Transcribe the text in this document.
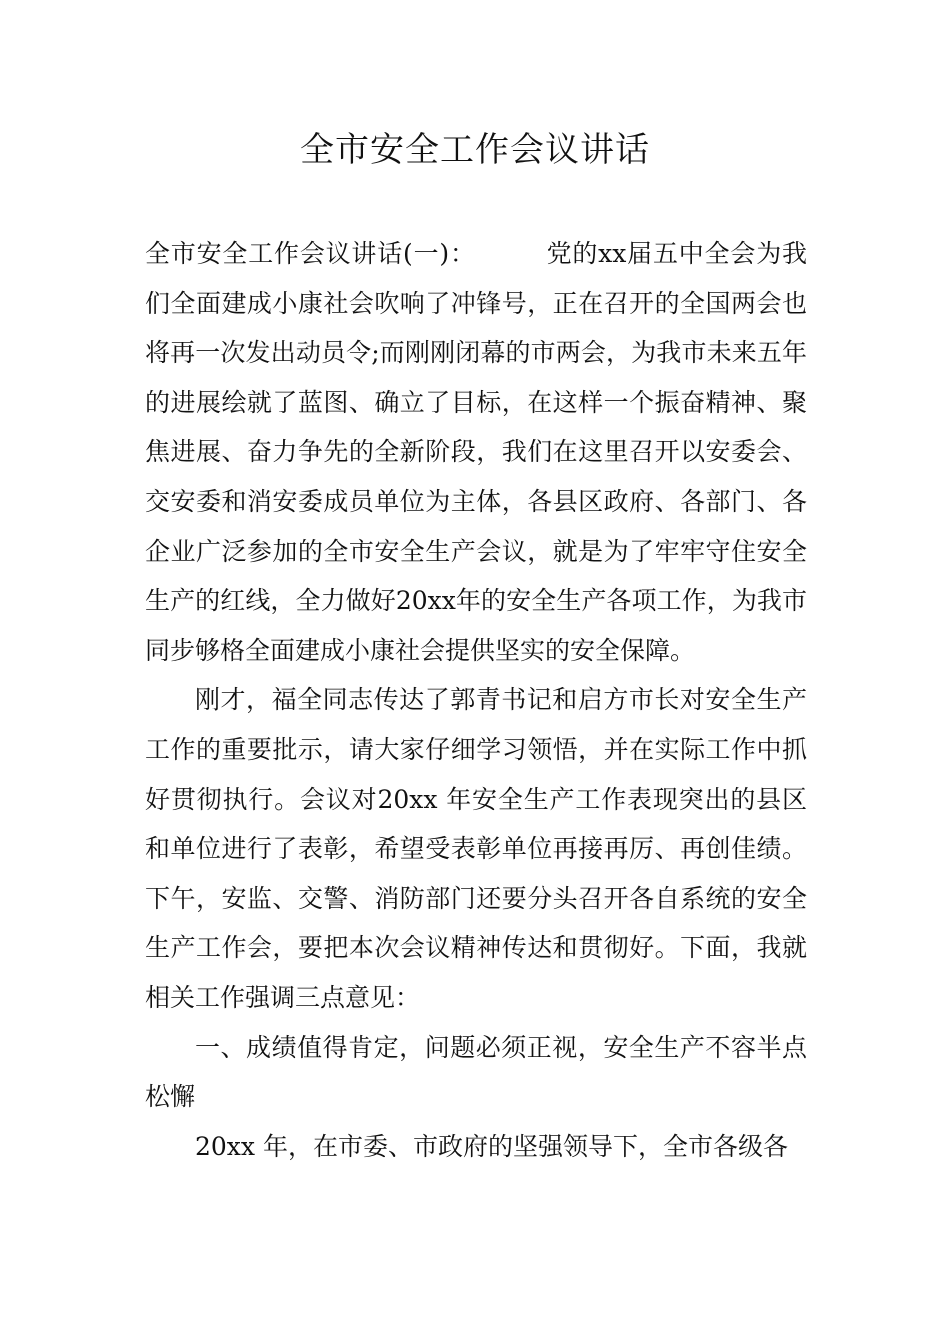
全市安全工作会议讲话

全市安全工作会议讲话(一)：	党的xx届五中全会为我们全面建成小康社会吹响了冲锋号，正在召开的全国两会也将再一次发出动员令;而刚刚闭幕的市两会，为我市未来五年的进展绘就了蓝图、确立了目标，在这样一个振奋精神、聚焦进展、奋力争先的全新阶段，我们在这里召开以安委会、交安委和消安委成员单位为主体，各县区政府、各部门、各企业广泛参加的全市安全生产会议，就是为了牢牢守住安全生产的红线，全力做好20xx年的安全生产各项工作，为我市同步够格全面建成小康社会提供坚实的安全保障。

刚才，福全同志传达了郭青书记和启方市长对安全生产工作的重要批示，请大家仔细学习领悟，并在实际工作中抓好贯彻执行。会议对20xx 年安全生产工作表现突出的县区和单位进行了表彰，希望受表彰单位再接再厉、再创佳绩。下午，安监、交警、消防部门还要分头召开各自系统的安全生产工作会，要把本次会议精神传达和贯彻好。下面，我就相关工作强调三点意见：

一、成绩值得肯定，问题必须正视，安全生产不容半点松懈

20xx 年，在市委、市政府的坚强领导下，全市各级各
